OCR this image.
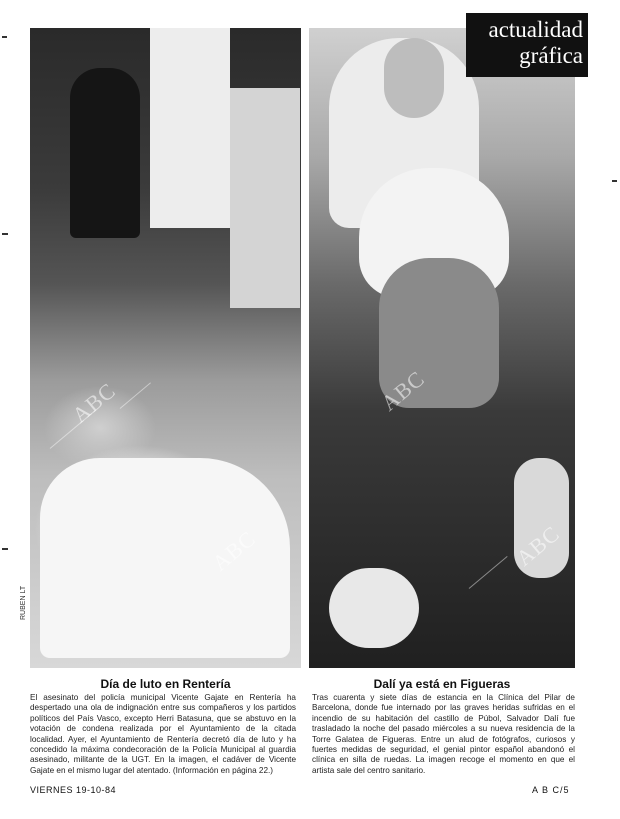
ABC
ABC
ABC
ABC
ABC
actualidad
gráfica
RUBEN LT
Día de luto en Rentería	Dalí ya está en Figueras
El asesinato del policía municipal Vicente Gajate en Rentería ha despertado una ola de indignación entre sus compañeros y los partidos políticos del País Vasco, excepto Herri Batasuna, que se abstuvo en la votación de condena realizada por el Ayuntamiento de la citada localidad. Ayer, el Ayuntamiento de Rentería decretó día de luto y ha concedido la máxima condecoración de la Policía Municipal al guardia asesinado, militante de la UGT. En la imagen, el cadáver de Vicente Gajate en el mismo lugar del atentado. (Información en página 22.)
Tras cuarenta y siete días de estancia en la Clínica del Pilar de Barcelona, donde fue internado por las graves heridas sufridas en el incendio de su habitación del castillo de Púbol, Salvador Dalí fue trasladado la noche del pasado miércoles a su nueva residencia de la Torre Galatea de Figueras. Entre un alud de fotógrafos, curiosos y fuertes medidas de seguridad, el genial pintor español abandonó el clínica en silla de ruedas. La imagen recoge el momento en que el artista sale del centro sanitario.
VIERNES 19-10-84	A B C/5
